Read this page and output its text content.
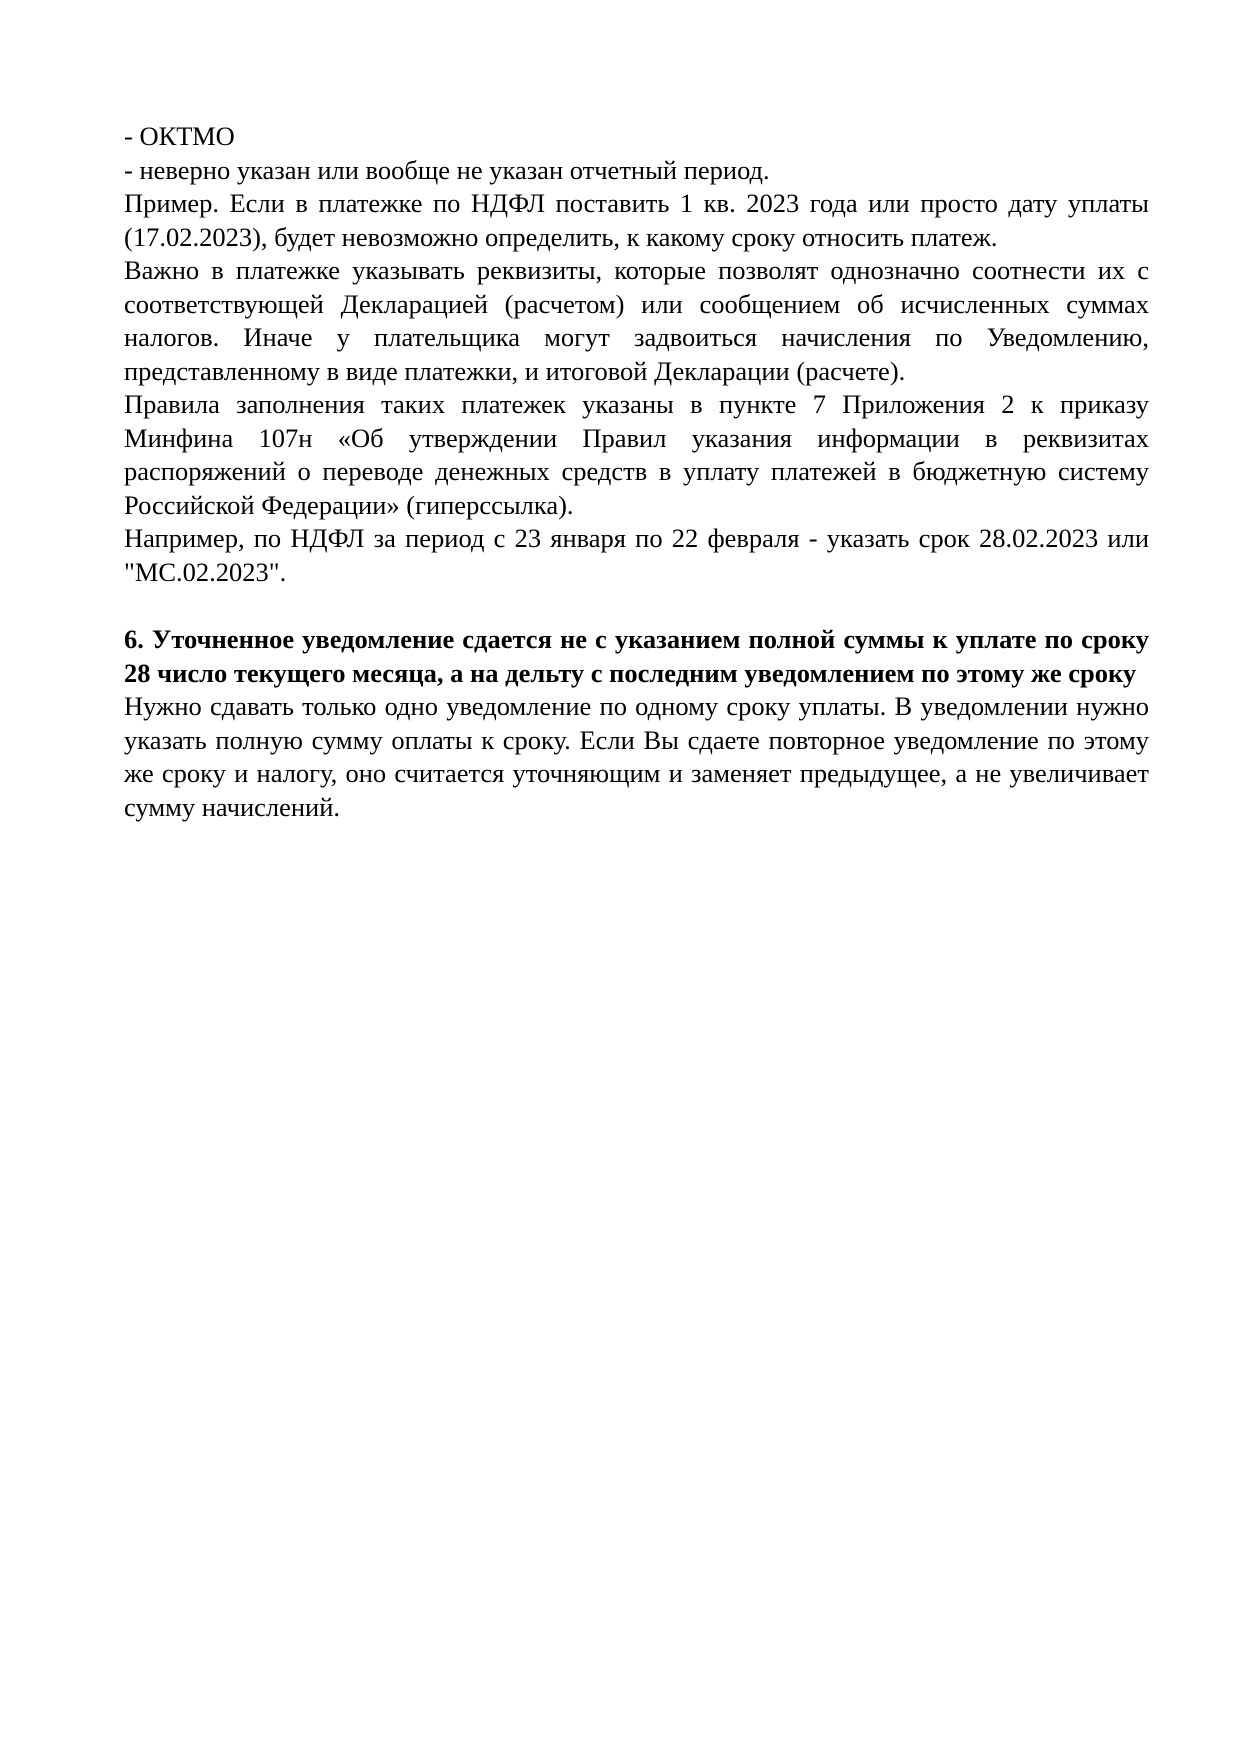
- ОКТМО

- неверно указан или вообще не указан отчетный период.

Пример. Если в платежке по НДФЛ поставить 1 кв. 2023 года или просто дату уплаты (17.02.2023), будет невозможно определить, к какому сроку относить платеж.

Важно в платежке указывать реквизиты, которые позволят однозначно соотнести их с соответствующей Декларацией (расчетом) или сообщением об исчисленных суммах налогов. Иначе у плательщика могут задвоиться начисления по Уведомлению, представленному в виде платежки, и итоговой Декларации (расчете).

Правила заполнения таких платежек указаны в пункте 7 Приложения 2 к приказу Минфина 107н «Об утверждении Правил указания информации в реквизитах распоряжений о переводе денежных средств в уплату платежей в бюджетную систему Российской Федерации» (гиперссылка).

Например, по НДФЛ за период с 23 января по 22 февраля - указать срок 28.02.2023 или "МС.02.2023".

6. Уточненное уведомление сдается не с указанием полной суммы к уплате по сроку 28 число текущего месяца, а на дельту с последним уведомлением по этому же сроку

Нужно сдавать только одно уведомление по одному сроку уплаты. В уведомлении нужно указать полную сумму оплаты к сроку. Если Вы сдаете повторное уведомление по этому же сроку и налогу, оно считается уточняющим и заменяет предыдущее, а не увеличивает сумму начислений.
